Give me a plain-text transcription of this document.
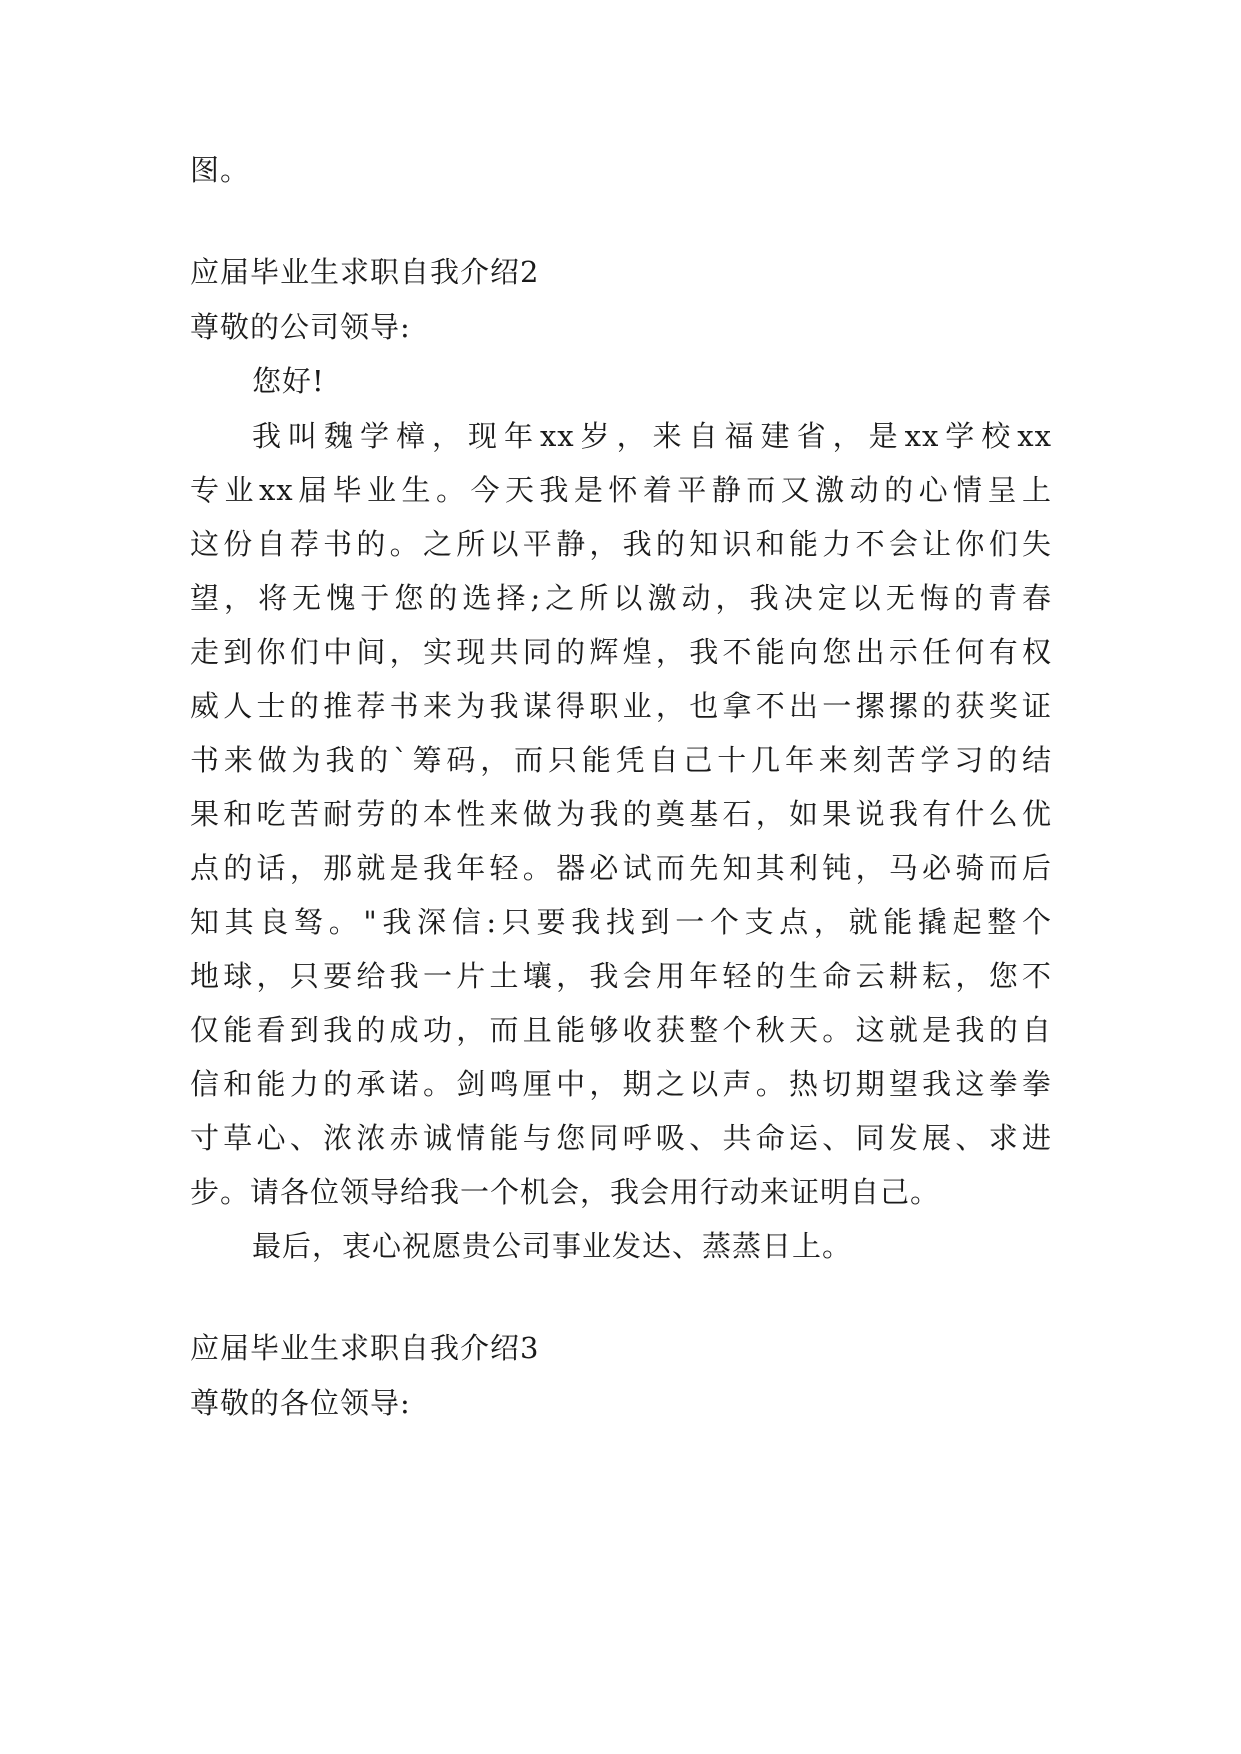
图。
应届毕业生求职自我介绍2
尊敬的公司领导:
您好!
我叫魏学樟，现年xx岁，来自福建省，是xx学校xx
专业xx届毕业生。今天我是怀着平静而又激动的心情呈上
这份自荐书的。之所以平静，我的知识和能力不会让你们失
望，将无愧于您的选择;之所以激动，我决定以无悔的青春
走到你们中间，实现共同的辉煌，我不能向您出示任何有权
威人士的推荐书来为我谋得职业，也拿不出一摞摞的获奖证
书来做为我的`筹码，而只能凭自己十几年来刻苦学习的结
果和吃苦耐劳的本性来做为我的奠基石，如果说我有什么优
点的话，那就是我年轻。器必试而先知其利钝，马必骑而后
知其良驽。"我深信:只要我找到一个支点，就能撬起整个
地球，只要给我一片土壤，我会用年轻的生命云耕耘，您不
仅能看到我的成功，而且能够收获整个秋天。这就是我的自
信和能力的承诺。剑鸣厘中，期之以声。热切期望我这拳拳
寸草心、浓浓赤诚情能与您同呼吸、共命运、同发展、求进
步。请各位领导给我一个机会，我会用行动来证明自己。
最后，衷心祝愿贵公司事业发达、蒸蒸日上。
应届毕业生求职自我介绍3
尊敬的各位领导:
